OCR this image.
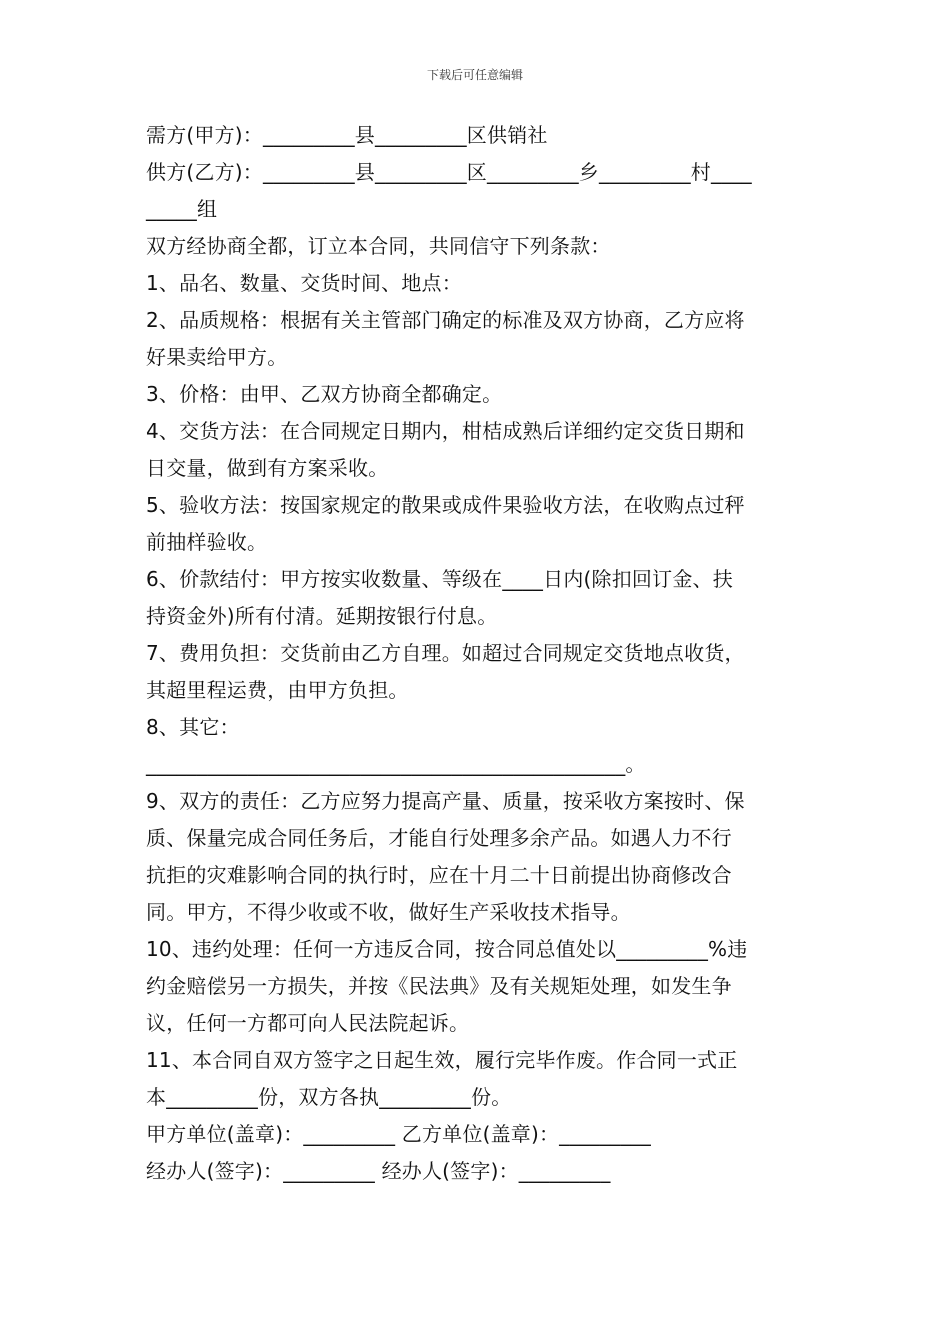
下载后可任意编辑
需方(甲方)：_________县_________区供销社
供方(乙方)：_________县_________区_________乡_________村____
_____组
双方经协商全都，订立本合同，共同信守下列条款：
1、品名、数量、交货时间、地点：
2、品质规格：根据有关主管部门确定的标准及双方协商，乙方应将
好果卖给甲方。
3、价格：由甲、乙双方协商全都确定。
4、交货方法：在合同规定日期内，柑桔成熟后详细约定交货日期和
日交量，做到有方案采收。
5、验收方法：按国家规定的散果或成件果验收方法，在收购点过秤
前抽样验收。
6、价款结付：甲方按实收数量、等级在____日内(除扣回订金、扶
持资金外)所有付清。延期按银行付息。
7、费用负担：交货前由乙方自理。如超过合同规定交货地点收货，
其超里程运费，由甲方负担。
8、其它：
_______________________________________________。
9、双方的责任：乙方应努力提高产量、质量，按采收方案按时、保
质、保量完成合同任务后，才能自行处理多余产品。如遇人力不行
抗拒的灾难影响合同的执行时，应在十月二十日前提出协商修改合
同。甲方，不得少收或不收，做好生产采收技术指导。
10、违约处理：任何一方违反合同，按合同总值处以_________%违
约金赔偿另一方损失，并按《民法典》及有关规矩处理，如发生争
议，任何一方都可向人民法院起诉。
11、本合同自双方签字之日起生效，履行完毕作废。作合同一式正
本_________份，双方各执_________份。
甲方单位(盖章)：_________ 乙方单位(盖章)：_________
经办人(签字)：_________ 经办人(签字)：_________
